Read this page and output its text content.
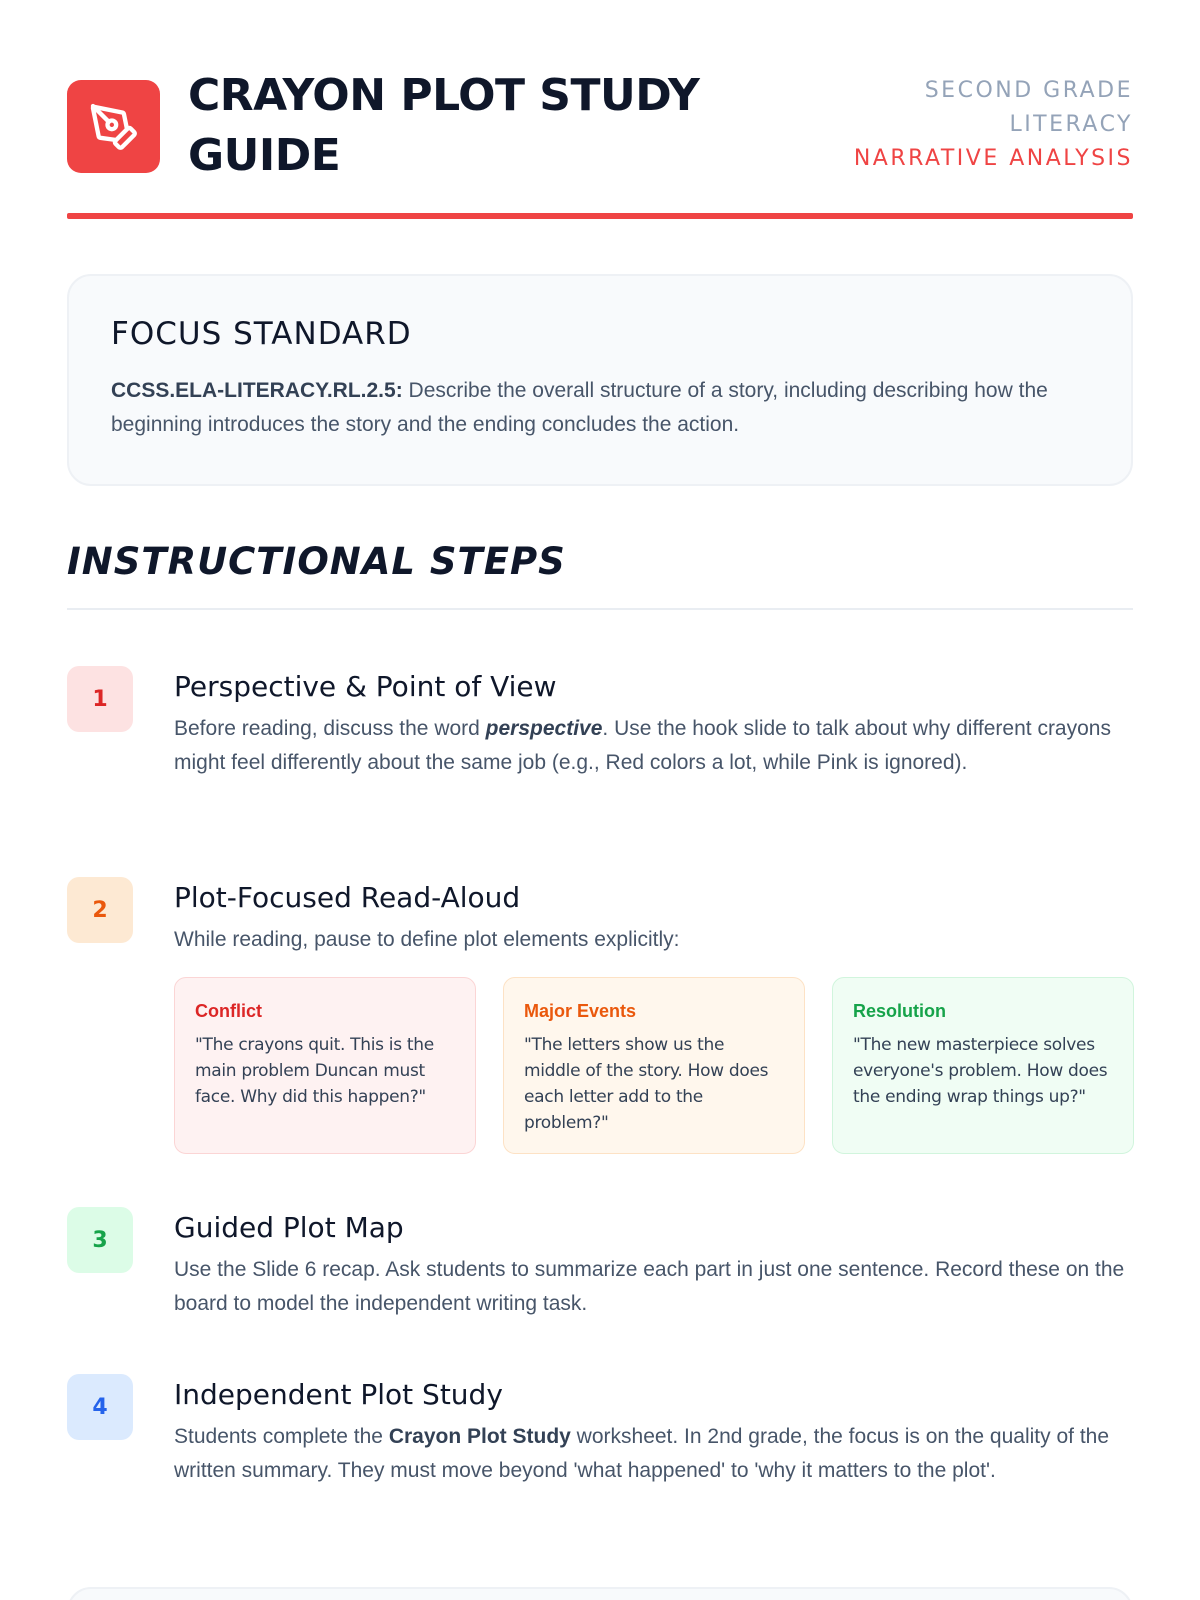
CRAYON PLOT STUDY GUIDE
SECOND GRADE
LITERACY
NARRATIVE ANALYSIS
FOCUS STANDARD

CCSS.ELA-LITERACY.RL.2.5: Describe the overall structure of a story, including describing how the beginning introduces the story and the ending concludes the action.

INSTRUCTIONAL STEPS
1	Perspective & Point of View
Before reading, discuss the word perspective. Use the hook slide to talk about why different crayons might feel differently about the same job (e.g., Red colors a lot, while Pink is ignored).
2	Plot-Focused Read-Aloud
While reading, pause to define plot elements explicitly:
Conflict
"The crayons quit. This is the main problem Duncan must face. Why did this happen?"
Major Events
"The letters show us the middle of the story. How does each letter add to the problem?"
Resolution
"The new masterpiece solves everyone's problem. How does the ending wrap things up?"
3	Guided Plot Map
Use the Slide 6 recap. Ask students to summarize each part in just one sentence. Record these on the board to model the independent writing task.
4	Independent Plot Study
Students complete the Crayon Plot Study worksheet. In 2nd grade, the focus is on the quality of the written summary. They must move beyond 'what happened' to 'why it matters to the plot'.
